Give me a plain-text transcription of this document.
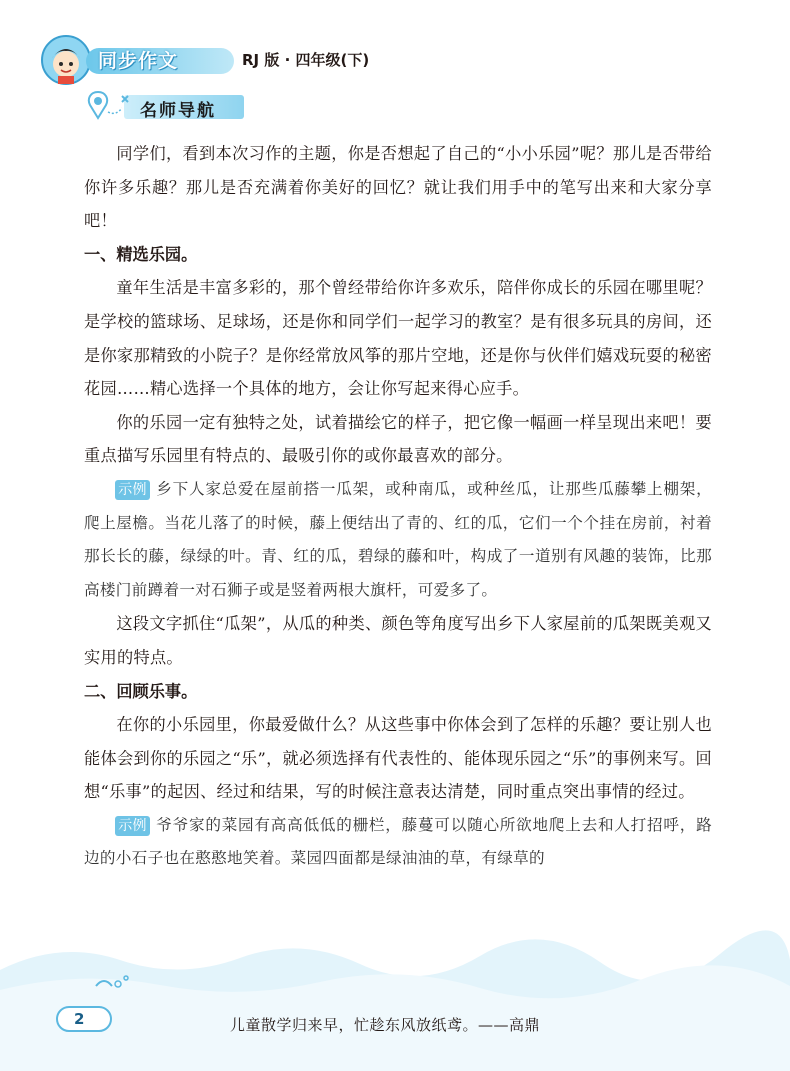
同步作文	RJ 版 · 四年级(下)
名师导航

同学们，看到本次习作的主题，你是否想起了自己的“小小乐园”呢？那儿是否带给你许多乐趣？那儿是否充满着你美好的回忆？就让我们用手中的笔写出来和大家分享吧！

一、精选乐园。

童年生活是丰富多彩的，那个曾经带给你许多欢乐，陪伴你成长的乐园在哪里呢？是学校的篮球场、足球场，还是你和同学们一起学习的教室？是有很多玩具的房间，还是你家那精致的小院子？是你经常放风筝的那片空地，还是你与伙伴们嬉戏玩耍的秘密花园……精心选择一个具体的地方，会让你写起来得心应手。

你的乐园一定有独特之处，试着描绘它的样子，把它像一幅画一样呈现出来吧！要重点描写乐园里有特点的、最吸引你的或你最喜欢的部分。

示例 乡下人家总爱在屋前搭一瓜架，或种南瓜，或种丝瓜，让那些瓜藤攀上棚架，爬上屋檐。当花儿落了的时候，藤上便结出了青的、红的瓜，它们一个个挂在房前，衬着那长长的藤，绿绿的叶。青、红的瓜，碧绿的藤和叶，构成了一道别有风趣的装饰，比那高楼门前蹲着一对石狮子或是竖着两根大旗杆，可爱多了。

这段文字抓住“瓜架”，从瓜的种类、颜色等角度写出乡下人家屋前的瓜架既美观又实用的特点。

二、回顾乐事。

在你的小乐园里，你最爱做什么？从这些事中你体会到了怎样的乐趣？要让别人也能体会到你的乐园之“乐”，就必须选择有代表性的、能体现乐园之“乐”的事例来写。回想“乐事”的起因、经过和结果，写的时候注意表达清楚，同时重点突出事情的经过。

示例 爷爷家的菜园有高高低低的栅栏，藤蔓可以随心所欲地爬上去和人打招呼，路边的小石子也在憨憨地笑着。菜园四面都是绿油油的草，有绿草的

2	儿童散学归来早，忙趁东风放纸鸢。——高鼎
